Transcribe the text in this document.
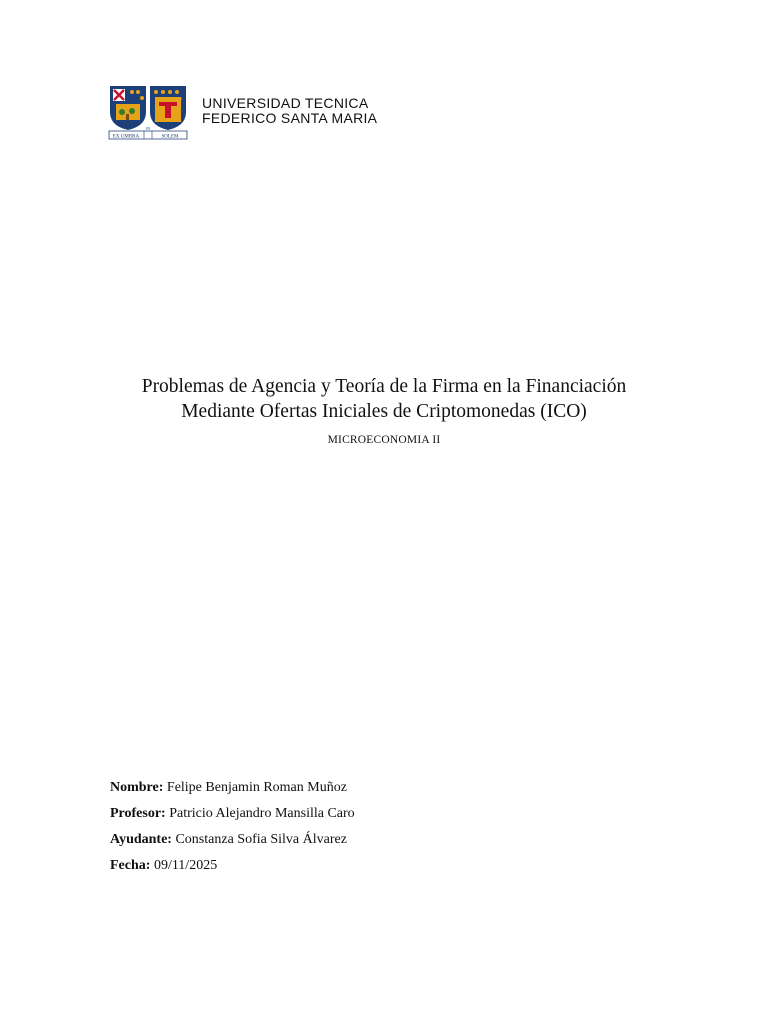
EX UMBRA
IN
SOLEM
UNIVERSIDAD TECNICA
FEDERICO SANTA MARIA
Problemas de Agencia y Teoría de la Firma en la Financiación
Mediante Ofertas Iniciales de Criptomonedas (ICO)
MICROECONOMIA II
Nombre: Felipe Benjamin Roman Muñoz
Profesor: Patricio Alejandro Mansilla Caro
Ayudante: Constanza Sofia Silva Álvarez
Fecha: 09/11/2025
